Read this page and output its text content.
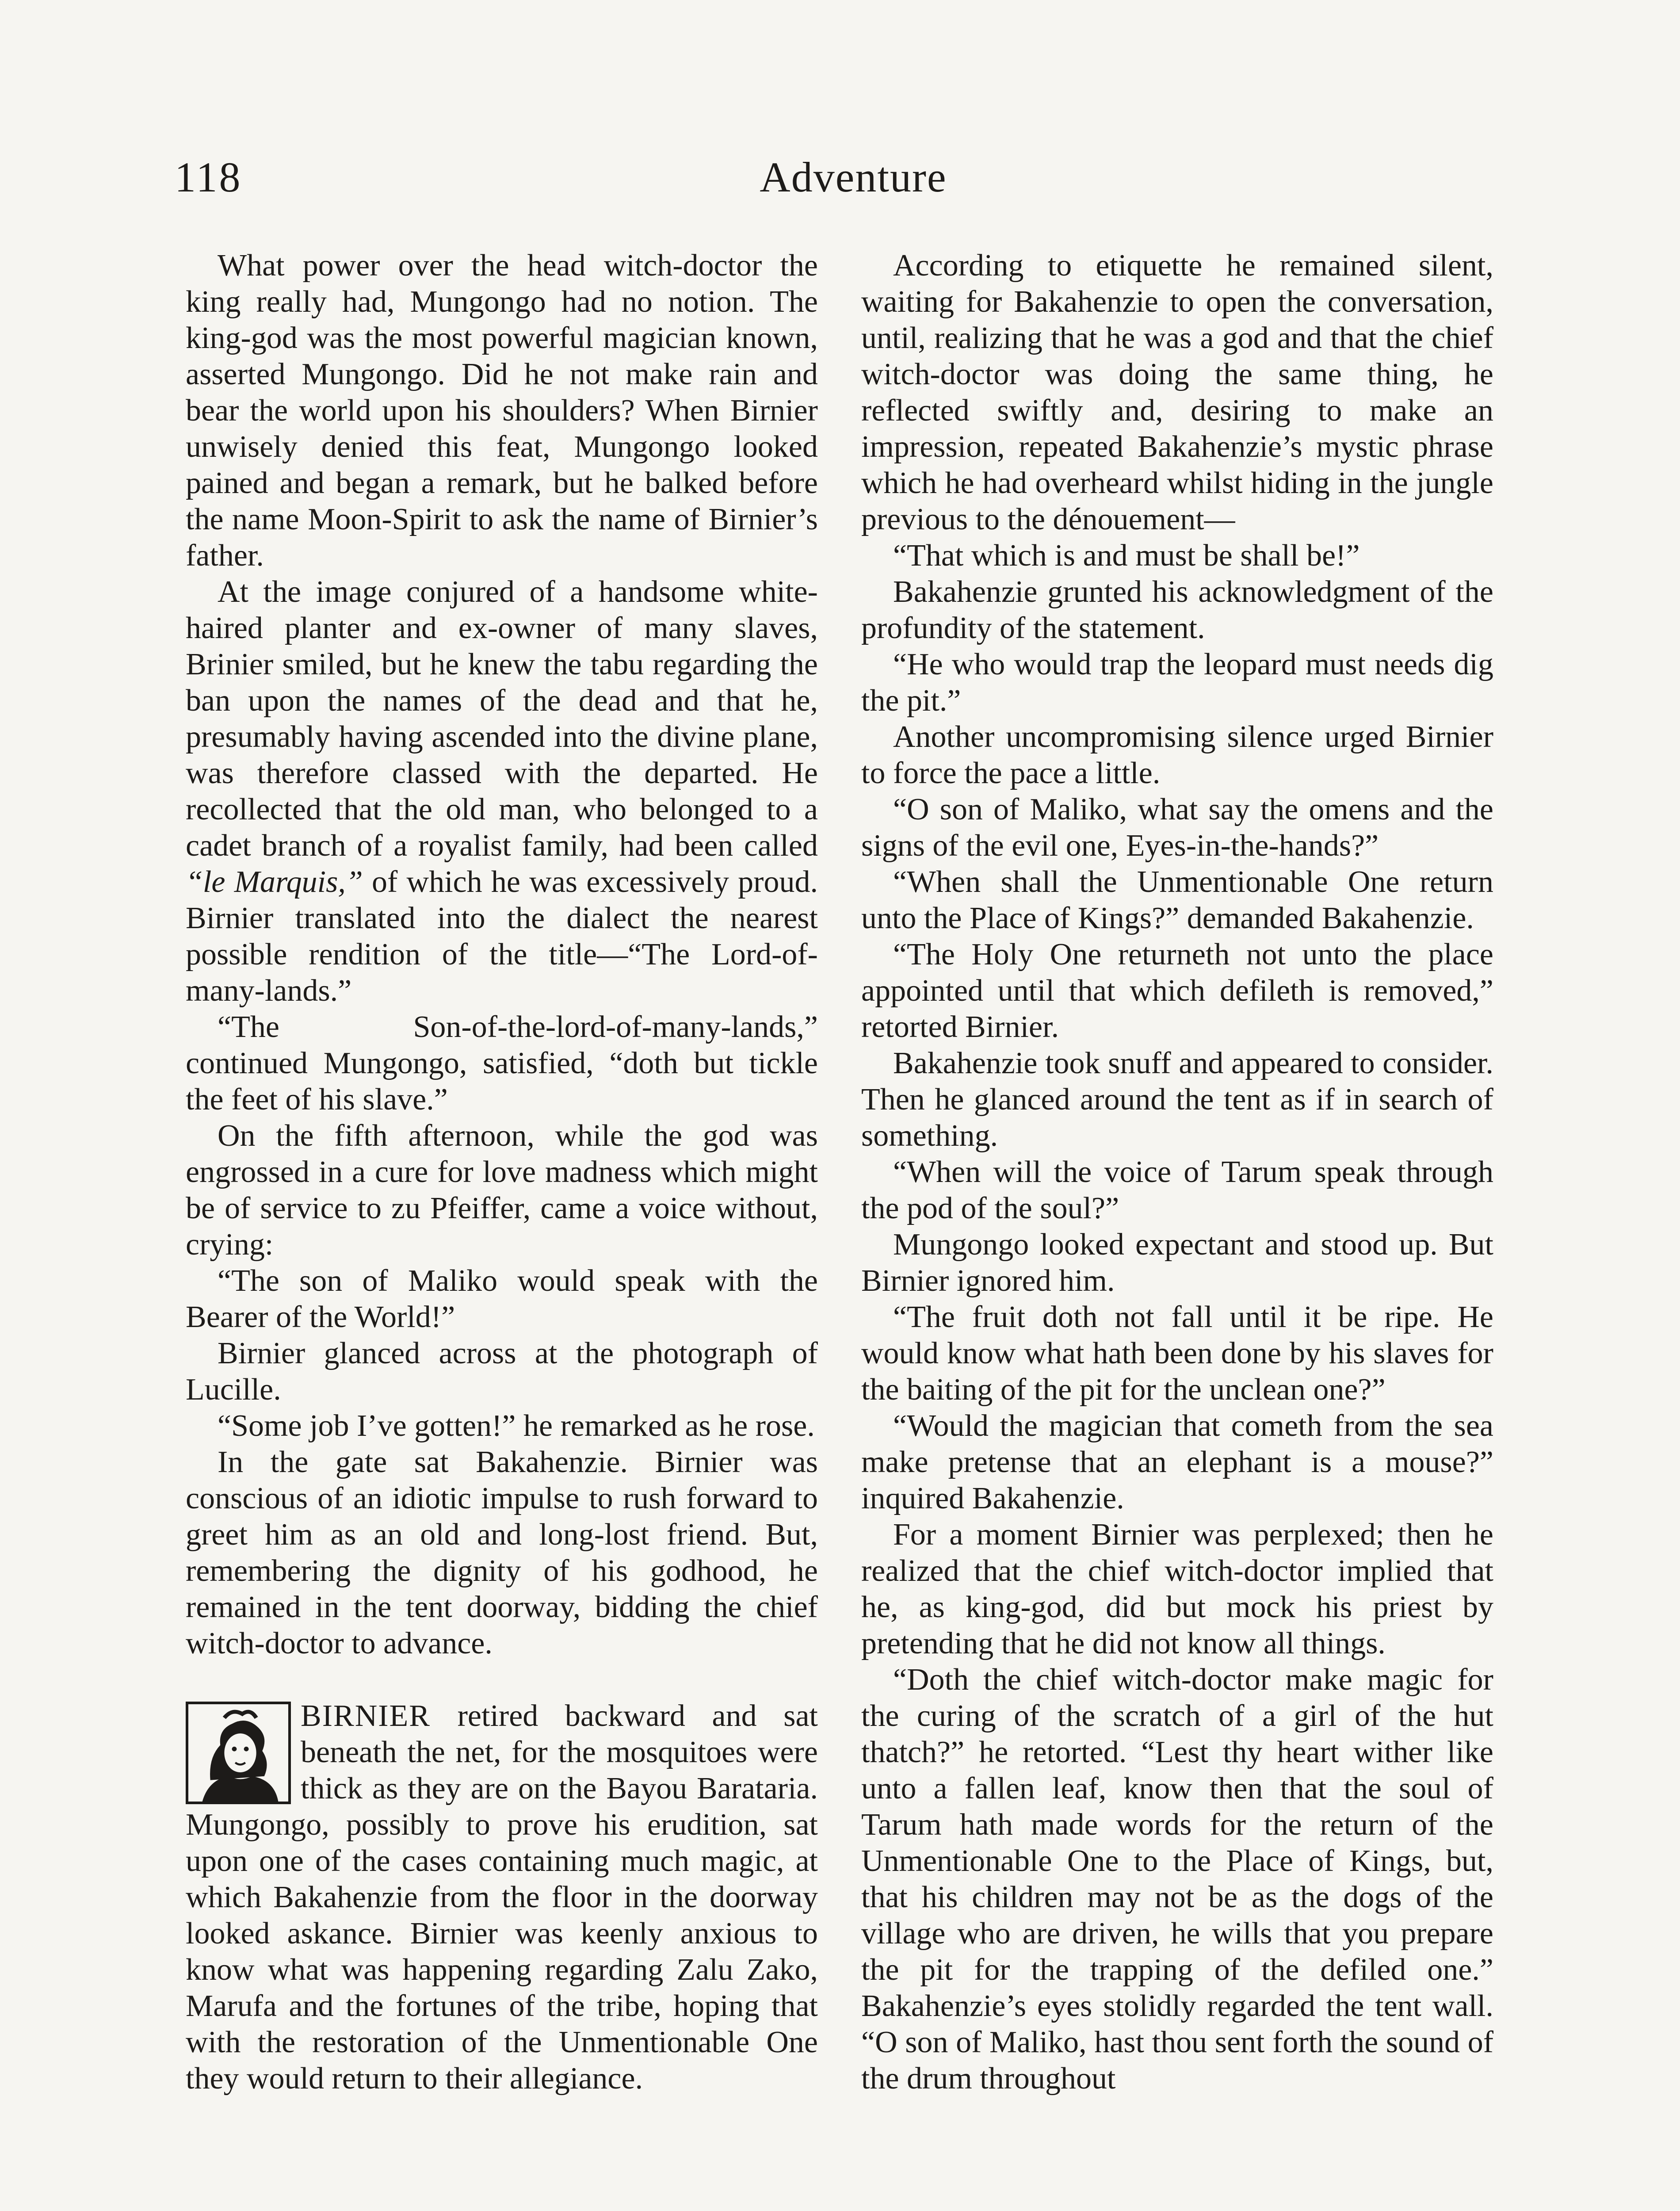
118	Adventure

What power over the head witch-doctor the king really had, Mungongo had no notion. The king-god was the most powerful magician known, asserted Mungongo. Did he not make rain and bear the world upon his shoulders? When Birnier unwisely denied this feat, Mungongo looked pained and began a remark, but he balked before the name Moon-Spirit to ask the name of Birnier’s father.

At the image conjured of a handsome white-haired planter and ex-owner of many slaves, Brinier smiled, but he knew the tabu regarding the ban upon the names of the dead and that he, presumably having ascended into the divine plane, was therefore classed with the departed. He recollected that the old man, who belonged to a cadet branch of a royalist family, had been called “le Marquis,” of which he was excessively proud. Birnier translated into the dialect the nearest possible rendition of the title—“The Lord-of-many-lands.”

“The Son-of-the-lord-of-many-lands,” continued Mungongo, satisfied, “doth but tickle the feet of his slave.”

On the fifth afternoon, while the god was engrossed in a cure for love madness which might be of service to zu Pfeiffer, came a voice without, crying:

“The son of Maliko would speak with the Bearer of the World!”

Birnier glanced across at the photograph of Lucille.

“Some job I’ve gotten!” he remarked as he rose.

In the gate sat Bakahenzie. Birnier was conscious of an idiotic impulse to rush forward to greet him as an old and long-lost friend. But, remembering the dignity of his godhood, he remained in the tent doorway, bidding the chief witch-doctor to advance.

BIRNIER retired backward and sat beneath the net, for the mosquitoes were thick as they are on the Bayou Barataria. Mungongo, possibly to prove his erudition, sat upon one of the cases containing much magic, at which Bakahenzie from the floor in the doorway looked askance. Birnier was keenly anxious to know what was happening regarding Zalu Zako, Marufa and the fortunes of the tribe, hoping that with the restoration of the Unmentionable One they would return to their allegiance.

According to etiquette he remained silent, waiting for Bakahenzie to open the conversation, until, realizing that he was a god and that the chief witch-doctor was doing the same thing, he reflected swiftly and, desiring to make an impression, repeated Bakahenzie’s mystic phrase which he had overheard whilst hiding in the jungle previous to the dénouement—

“That which is and must be shall be!”

Bakahenzie grunted his acknowledgment of the profundity of the statement.

“He who would trap the leopard must needs dig the pit.”

Another uncompromising silence urged Birnier to force the pace a little.

“O son of Maliko, what say the omens and the signs of the evil one, Eyes-in-the-hands?”

“When shall the Unmentionable One return unto the Place of Kings?” demanded Bakahenzie.

“The Holy One returneth not unto the place appointed until that which defileth is removed,” retorted Birnier.

Bakahenzie took snuff and appeared to consider. Then he glanced around the tent as if in search of something.

“When will the voice of Tarum speak through the pod of the soul?”

Mungongo looked expectant and stood up. But Birnier ignored him.

“The fruit doth not fall until it be ripe. He would know what hath been done by his slaves for the baiting of the pit for the unclean one?”

“Would the magician that cometh from the sea make pretense that an elephant is a mouse?” inquired Bakahenzie.

For a moment Birnier was perplexed; then he realized that the chief witch-doctor implied that he, as king-god, did but mock his priest by pretending that he did not know all things.

“Doth the chief witch-doctor make magic for the curing of the scratch of a girl of the hut thatch?” he retorted. “Lest thy heart wither like unto a fallen leaf, know then that the soul of Tarum hath made words for the return of the Unmentionable One to the Place of Kings, but, that his children may not be as the dogs of the village who are driven, he wills that you prepare the pit for the trapping of the defiled one.” Bakahenzie’s eyes stolidly regarded the tent wall. “O son of Maliko, hast thou sent forth the sound of the drum throughout
